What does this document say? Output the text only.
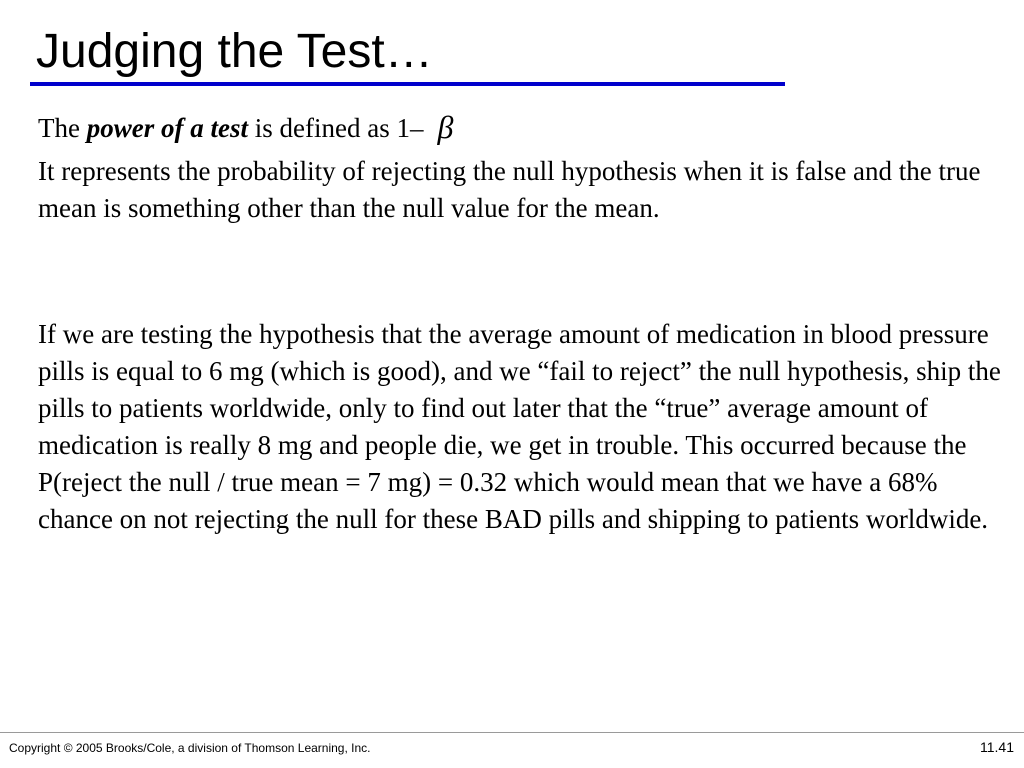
Judging the Test…

The power of a test is defined as 1– β

It represents the probability of rejecting the null hypothesis when it is false and the true mean is something other than the null value for the mean.

If we are testing the hypothesis that the average amount of medication in blood pressure pills is equal to 6 mg (which is good), and we “fail to reject” the null hypothesis, ship the pills to patients worldwide, only to find out later that the “true” average amount of medication is really 8 mg and people die, we get in trouble. This occurred because the P(reject the null / true mean = 7 mg) = 0.32 which would mean that we have a 68% chance on not rejecting the null for these BAD pills and shipping to patients worldwide.

Copyright © 2005 Brooks/Cole, a division of Thomson Learning, Inc.	11.41
